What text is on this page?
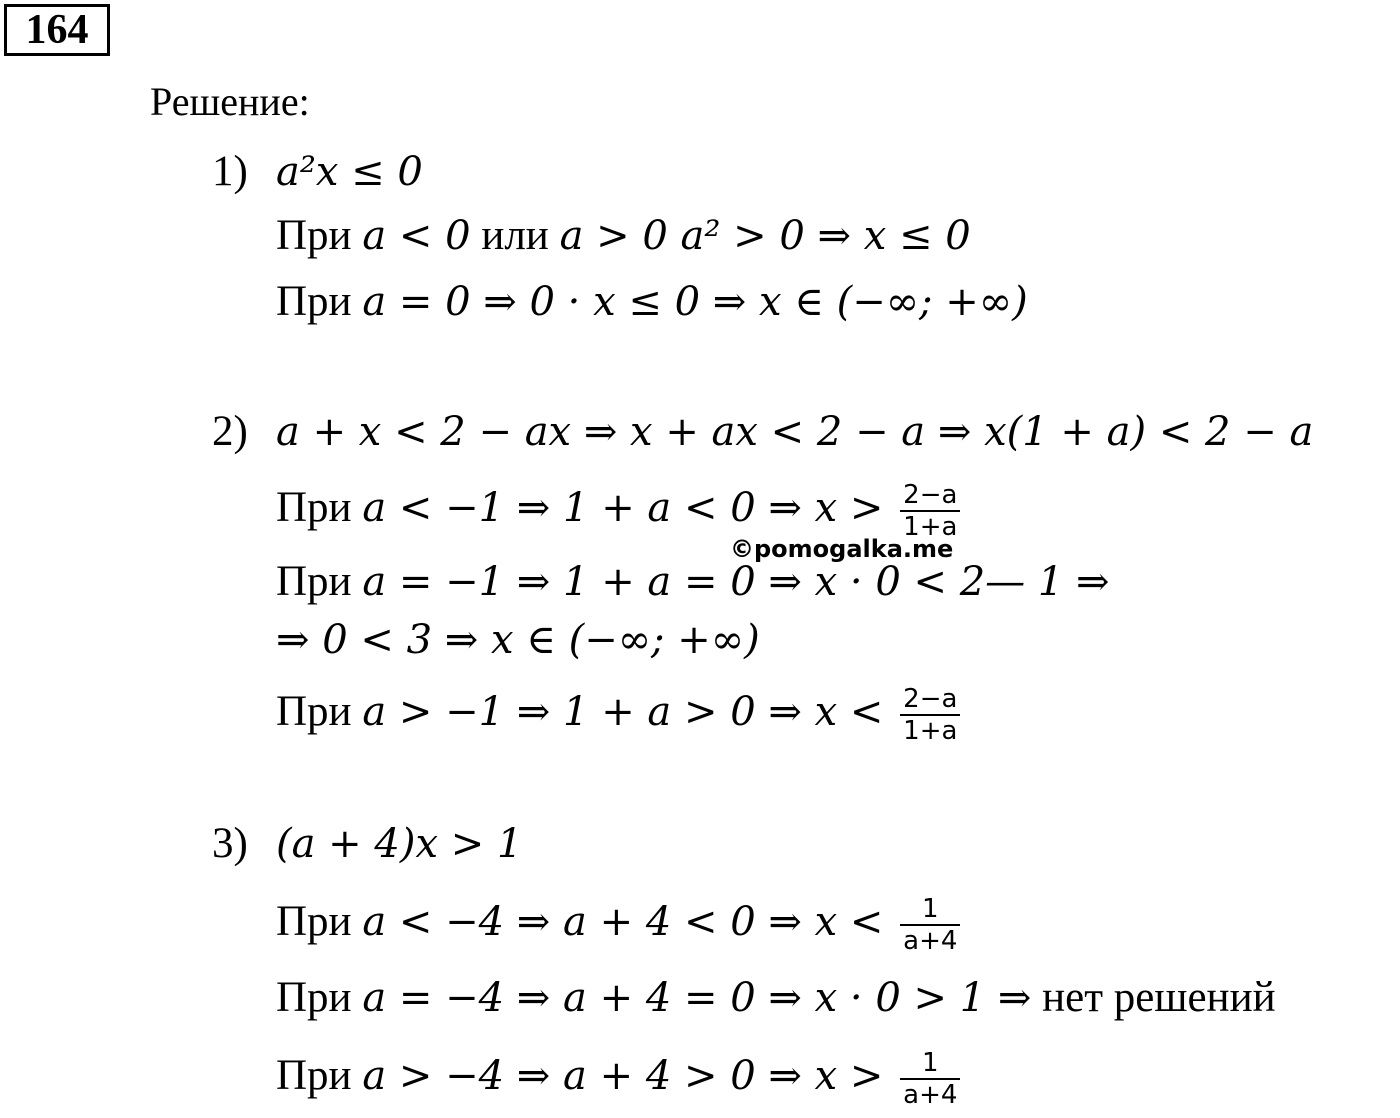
164
Решение:
1) a²x ≤ 0
При a < 0 или a > 0 a² > 0 ⇒ x ≤ 0
При a = 0 ⇒ 0 · x ≤ 0 ⇒ x ∈ (−∞; +∞)
2) a + x < 2 − ax ⇒ x + ax < 2 − a ⇒ x(1 + a) < 2 − a
При a < −1 ⇒ 1 + a < 0 ⇒ $x > \frac{2-a}{1+a}$
При a = −1 ⇒ 1 + a = 0 ⇒ x · 0 < 2— 1 ⇒
⇒ 0 < 3 ⇒ x ∈ (−∞; +∞)
При a > −1 ⇒ 1 + a > 0 ⇒ $x < \frac{2-a}{1+a}$
3) (a + 4)x > 1
При a < −4 ⇒ a + 4 < 0 ⇒ $x < \frac{1}{a+4}$
При a = −4 ⇒ a + 4 = 0 ⇒ x · 0 > 1 ⇒ нет решений
При a > −4 ⇒ a + 4 > 0 ⇒ $x > \frac{1}{a+4}$
©pomogalka.me
